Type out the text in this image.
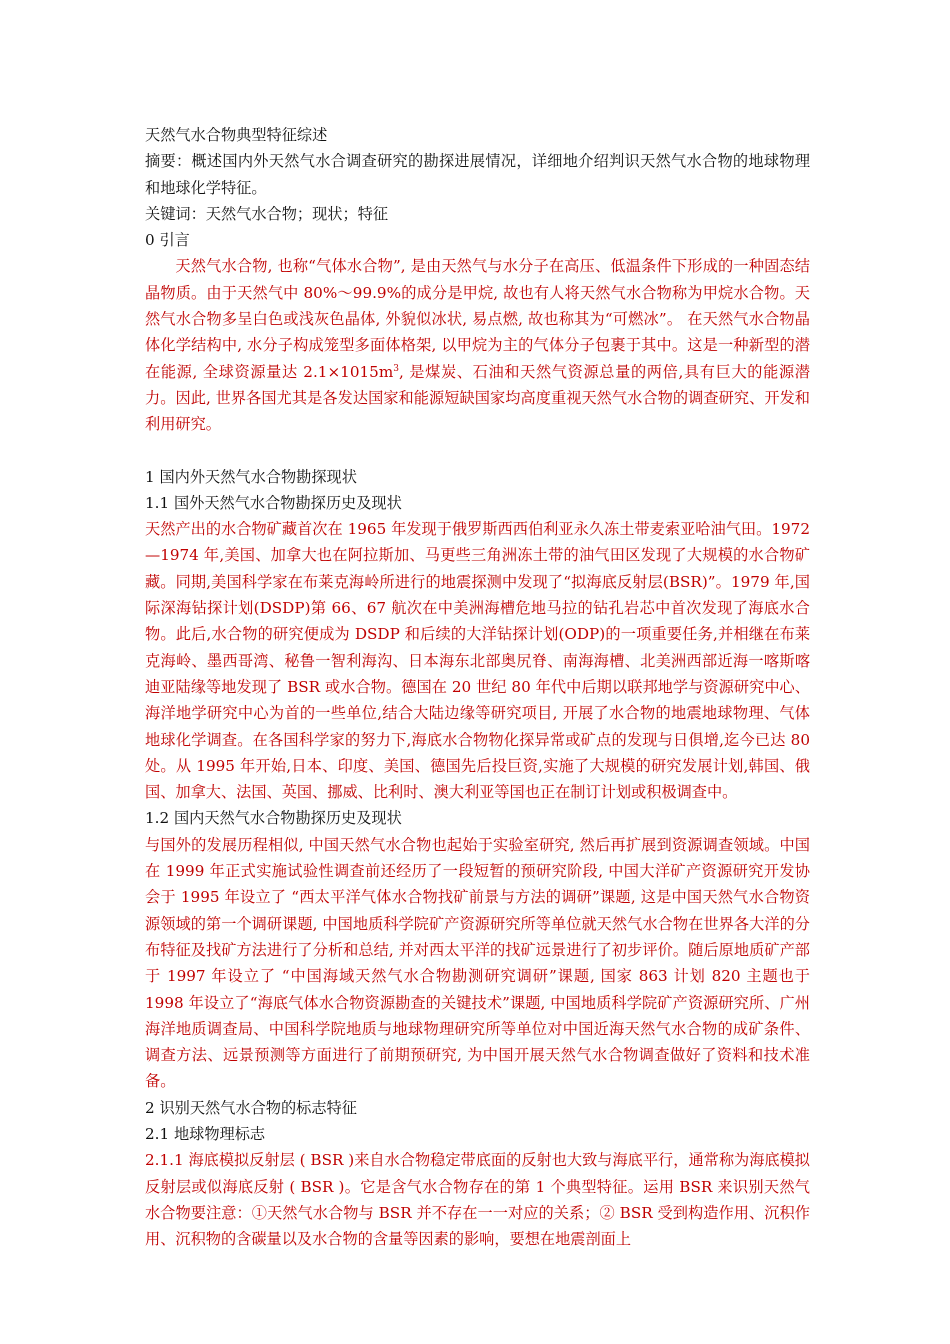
天然气水合物典型特征综述

摘要：概述国内外天然气水合调查研究的勘探进展情况，详细地介绍判识天然气水合物的地球物理和地球化学特征。

关键词：天然气水合物；现状；特征

0 引言

天然气水合物, 也称“气体水合物”, 是由天然气与水分子在高压、低温条件下形成的一种固态结晶物质。由于天然气中 80%～99.9%的成分是甲烷, 故也有人将天然气水合物称为甲烷水合物。天然气水合物多呈白色或浅灰色晶体, 外貌似冰状, 易点燃, 故也称其为“可燃冰”。 在天然气水合物晶体化学结构中, 水分子构成笼型多面体格架, 以甲烷为主的气体分子包裹于其中。这是一种新型的潜在能源, 全球资源量达 $2.1\times 1015m^3$, 是煤炭、石油和天然气资源总量的两倍,具有巨大的能源潜力。因此, 世界各国尤其是各发达国家和能源短缺国家均高度重视天然气水合物的调查研究、开发和利用研究。

1 国内外天然气水合物勘探现状

1.1 国外天然气水合物勘探历史及现状

天然产出的水合物矿藏首次在 1965 年发现于俄罗斯西西伯利亚永久冻土带麦索亚哈油气田。1972—1974 年,美国、加拿大也在阿拉斯加、马更些三角洲冻土带的油气田区发现了大规模的水合物矿藏。同期,美国科学家在布莱克海岭所进行的地震探测中发现了“拟海底反射层(BSR)”。1979 年,国际深海钻探计划(DSDP)第 66、67 航次在中美洲海槽危地马拉的钻孔岩芯中首次发现了海底水合物。此后,水合物的研究便成为 DSDP 和后续的大洋钻探计划(ODP)的一项重要任务,并相继在布莱克海岭、墨西哥湾、秘鲁一智利海沟、日本海东北部奥尻脊、南海海槽、北美洲西部近海一喀斯喀迪亚陆缘等地发现了 BSR 或水合物。德国在 20 世纪 80 年代中后期以联邦地学与资源研究中心、海洋地学研究中心为首的一些单位,结合大陆边缘等研究项目, 开展了水合物的地震地球物理、气体地球化学调查。在各国科学家的努力下,海底水合物物化探异常或矿点的发现与日俱增,迄今已达 80 处。从 1995 年开始,日本、印度、美国、德国先后投巨资,实施了大规模的研究发展计划,韩国、俄国、加拿大、法国、英国、挪威、比利时、澳大利亚等国也正在制订计划或积极调查中。

1.2 国内天然气水合物勘探历史及现状

与国外的发展历程相似, 中国天然气水合物也起始于实验室研究, 然后再扩展到资源调查领域。中国在 1999 年正式实施试验性调查前还经历了一段短暂的预研究阶段, 中国大洋矿产资源研究开发协会于 1995 年设立了 “西太平洋气体水合物找矿前景与方法的调研”课题, 这是中国天然气水合物资源领域的第一个调研课题, 中国地质科学院矿产资源研究所等单位就天然气水合物在世界各大洋的分布特征及找矿方法进行了分析和总结, 并对西太平洋的找矿远景进行了初步评价。随后原地质矿产部于 1997 年设立了 “中国海域天然气水合物勘测研究调研”课题, 国家 863 计划 820 主题也于 1998 年设立了“海底气体水合物资源勘查的关键技术”课题, 中国地质科学院矿产资源研究所、广州海洋地质调查局、中国科学院地质与地球物理研究所等单位对中国近海天然气水合物的成矿条件、调查方法、远景预测等方面进行了前期预研究, 为中国开展天然气水合物调查做好了资料和技术准备。

2 识别天然气水合物的标志特征

2.1 地球物理标志

2.1.1 海底模拟反射层 ( BSR )来自水合物稳定带底面的反射也大致与海底平行，通常称为海底模拟反射层或似海底反射 ( BSR )。它是含气水合物存在的第 1 个典型特征。运用 BSR 来识别天然气水合物要注意：①天然气水合物与 BSR 并不存在一一对应的关系；② BSR 受到构造作用、沉积作用、沉积物的含碳量以及水合物的含量等因素的影响，要想在地震剖面上
